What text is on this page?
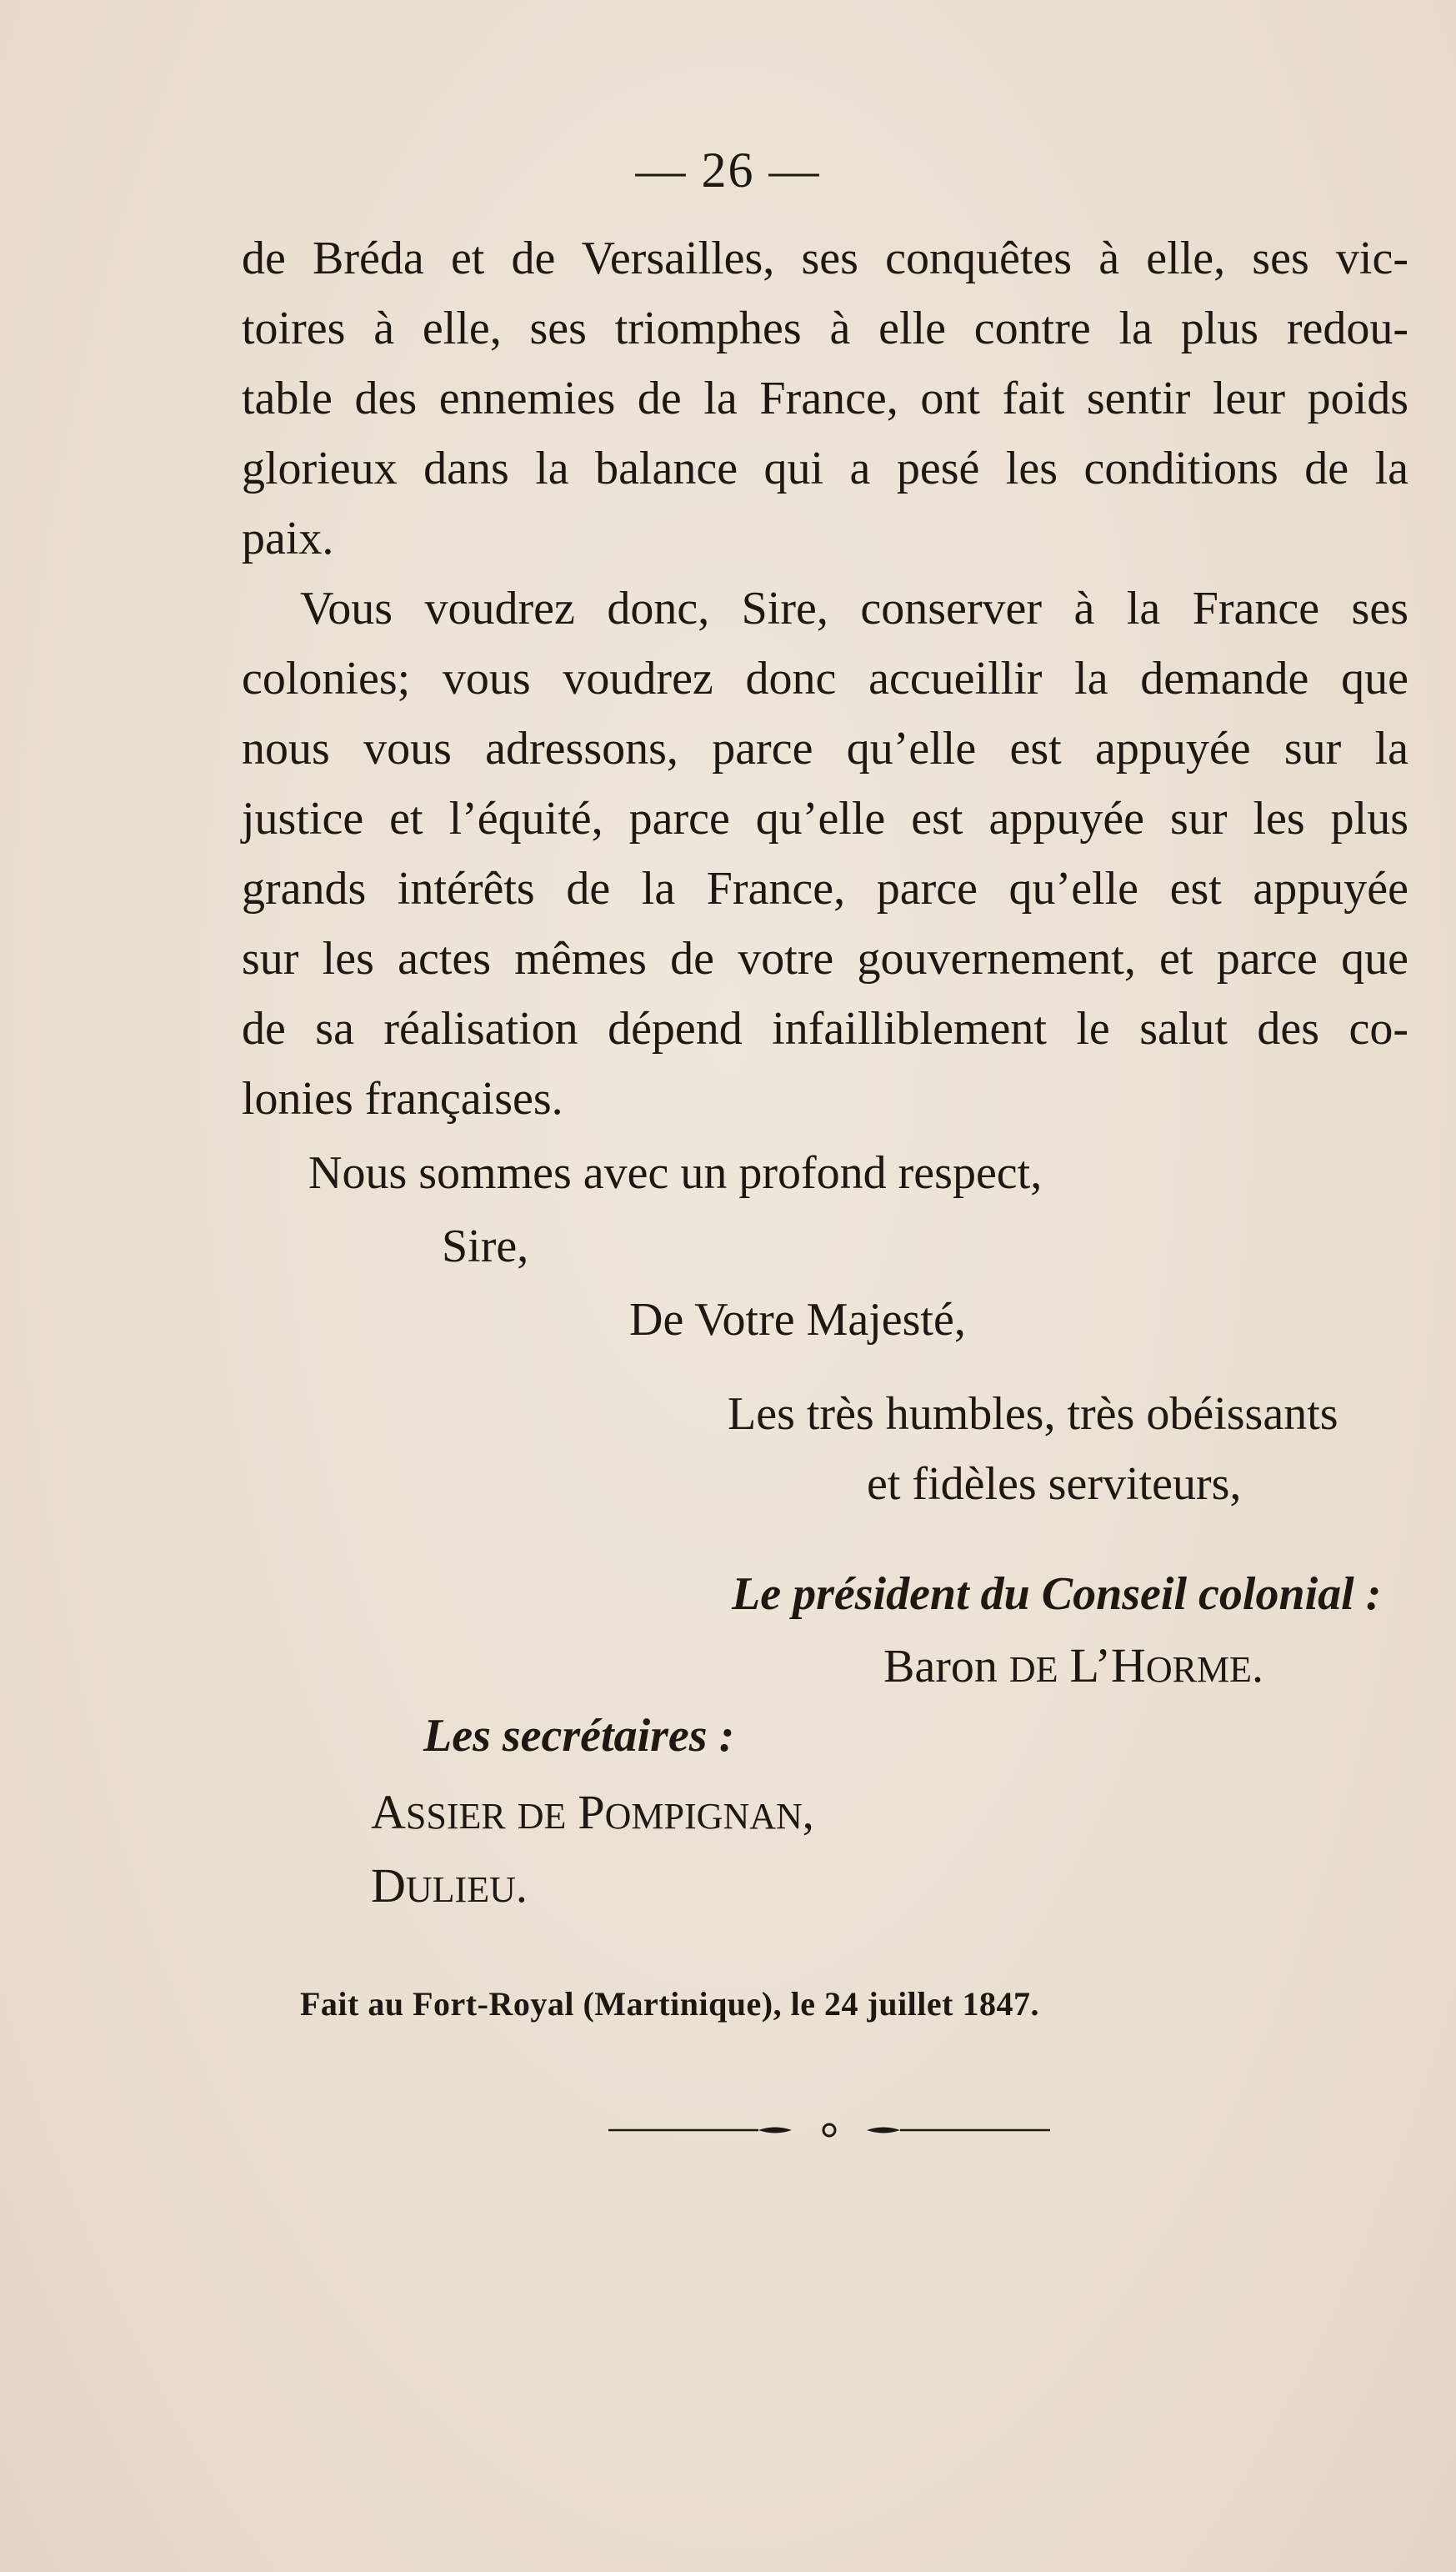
— 26 —
de Bréda et de Versailles, ses conquêtes à elle, ses vic-
toires à elle, ses triomphes à elle contre la plus redou-
table des ennemies de la France, ont fait sentir leur poids
glorieux dans la balance qui a pesé les conditions de la
paix.
Vous voudrez donc, Sire, conserver à la France ses
colonies; vous voudrez donc accueillir la demande que
nous vous adressons, parce qu’elle est appuyée sur la
justice et l’équité, parce qu’elle est appuyée sur les plus
grands intérêts de la France, parce qu’elle est appuyée
sur les actes mêmes de votre gouvernement, et parce que
de sa réalisation dépend infailliblement le salut des co-
lonies françaises.
Nous sommes avec un profond respect,
Sire,
De Votre Majesté,
Les très humbles, très obéissants
et fidèles serviteurs,
Le président du Conseil colonial :
Baron DE L’HORME.
Les secrétaires :
ASSIER DE POMPIGNAN,
DULIEU.
Fait au Fort-Royal (Martinique), le 24 juillet 1847.
